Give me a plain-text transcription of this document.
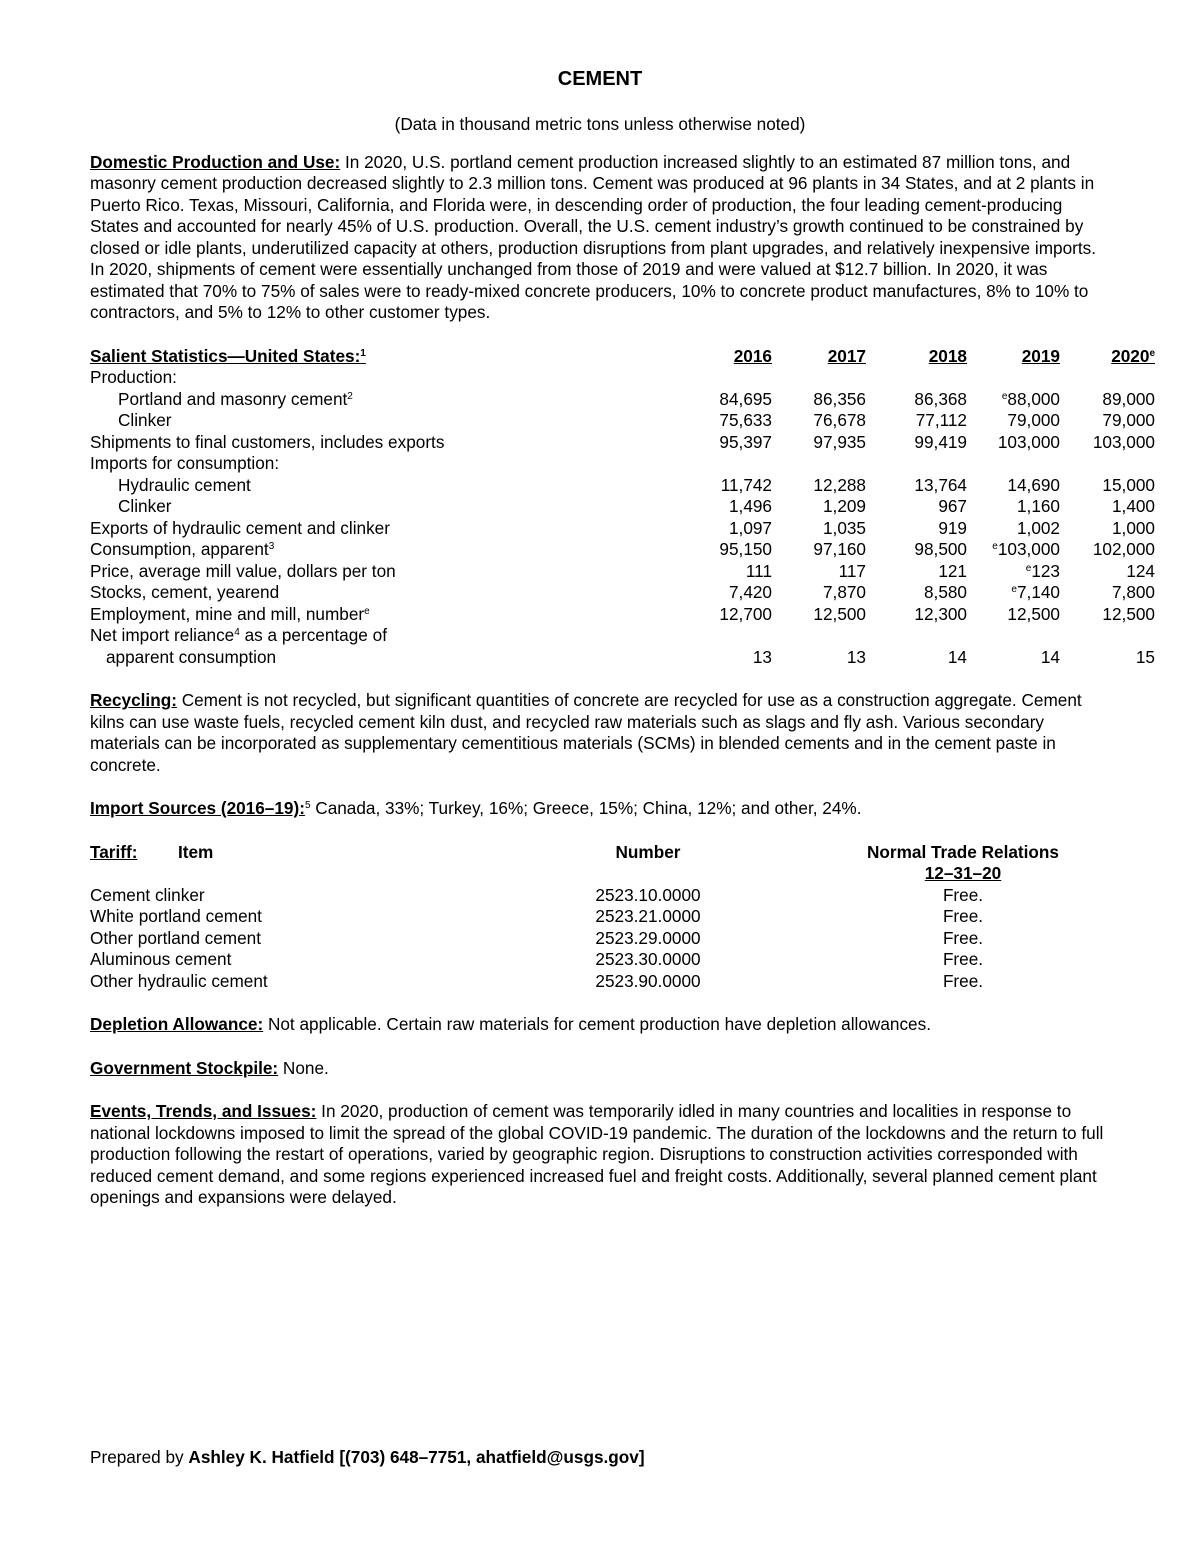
CEMENT
(Data in thousand metric tons unless otherwise noted)

Domestic Production and Use: In 2020, U.S. portland cement production increased slightly to an estimated 87 million tons, and masonry cement production decreased slightly to 2.3 million tons. Cement was produced at 96 plants in 34 States, and at 2 plants in Puerto Rico. Texas, Missouri, California, and Florida were, in descending order of production, the four leading cement-producing States and accounted for nearly 45% of U.S. production. Overall, the U.S. cement industry’s growth continued to be constrained by closed or idle plants, underutilized capacity at others, production disruptions from plant upgrades, and relatively inexpensive imports. In 2020, shipments of cement were essentially unchanged from those of 2019 and were valued at $12.7 billion. In 2020, it was estimated that 70% to 75% of sales were to ready-mixed concrete producers, 10% to concrete product manufactures, 8% to 10% to contractors, and 5% to 12% to other customer types.

Salient Statistics—United States:$^1$	2016	2017	2018	2019	2020e
Production:
Portland and masonry cement$^2$	84,695	86,356	86,368	$^e$88,000	89,000
Clinker	75,633	76,678	77,112	79,000	79,000
Shipments to final customers, includes exports	95,397	97,935	99,419	103,000	103,000
Imports for consumption:
Hydraulic cement	11,742	12,288	13,764	14,690	15,000
Clinker	1,496	1,209	967	1,160	1,400
Exports of hydraulic cement and clinker	1,097	1,035	919	1,002	1,000
Consumption, apparent$^3$	95,150	97,160	98,500	$^e$103,000	102,000
Price, average mill value, dollars per ton	111	117	121	$^e$123	124
Stocks, cement, yearend	7,420	7,870	8,580	$^e$7,140	7,800
Employment, mine and mill, number$^e$	12,700	12,500	12,300	12,500	12,500
Net import reliance$^4$ as a percentage of
apparent consumption	13	13	14	14	15

Recycling: Cement is not recycled, but significant quantities of concrete are recycled for use as a construction aggregate. Cement kilns can use waste fuels, recycled cement kiln dust, and recycled raw materials such as slags and fly ash. Various secondary materials can be incorporated as supplementary cementitious materials (SCMs) in blended cements and in the cement paste in concrete.

Import Sources (2016–19):$^5$ Canada, 33%; Turkey, 16%; Greece, 15%; China, 12%; and other, 24%.

Tariff: Item	Number	Normal Trade Relations
12–31–20
Cement clinker	2523.10.0000	Free.
White portland cement	2523.21.0000	Free.
Other portland cement	2523.29.0000	Free.
Aluminous cement	2523.30.0000	Free.
Other hydraulic cement	2523.90.0000	Free.

Depletion Allowance: Not applicable. Certain raw materials for cement production have depletion allowances.

Government Stockpile: None.

Events, Trends, and Issues: In 2020, production of cement was temporarily idled in many countries and localities in response to national lockdowns imposed to limit the spread of the global COVID-19 pandemic. The duration of the lockdowns and the return to full production following the restart of operations, varied by geographic region. Disruptions to construction activities corresponded with reduced cement demand, and some regions experienced increased fuel and freight costs. Additionally, several planned cement plant openings and expansions were delayed.

Prepared by Ashley K. Hatfield [(703) 648–7751, ahatfield@usgs.gov]
